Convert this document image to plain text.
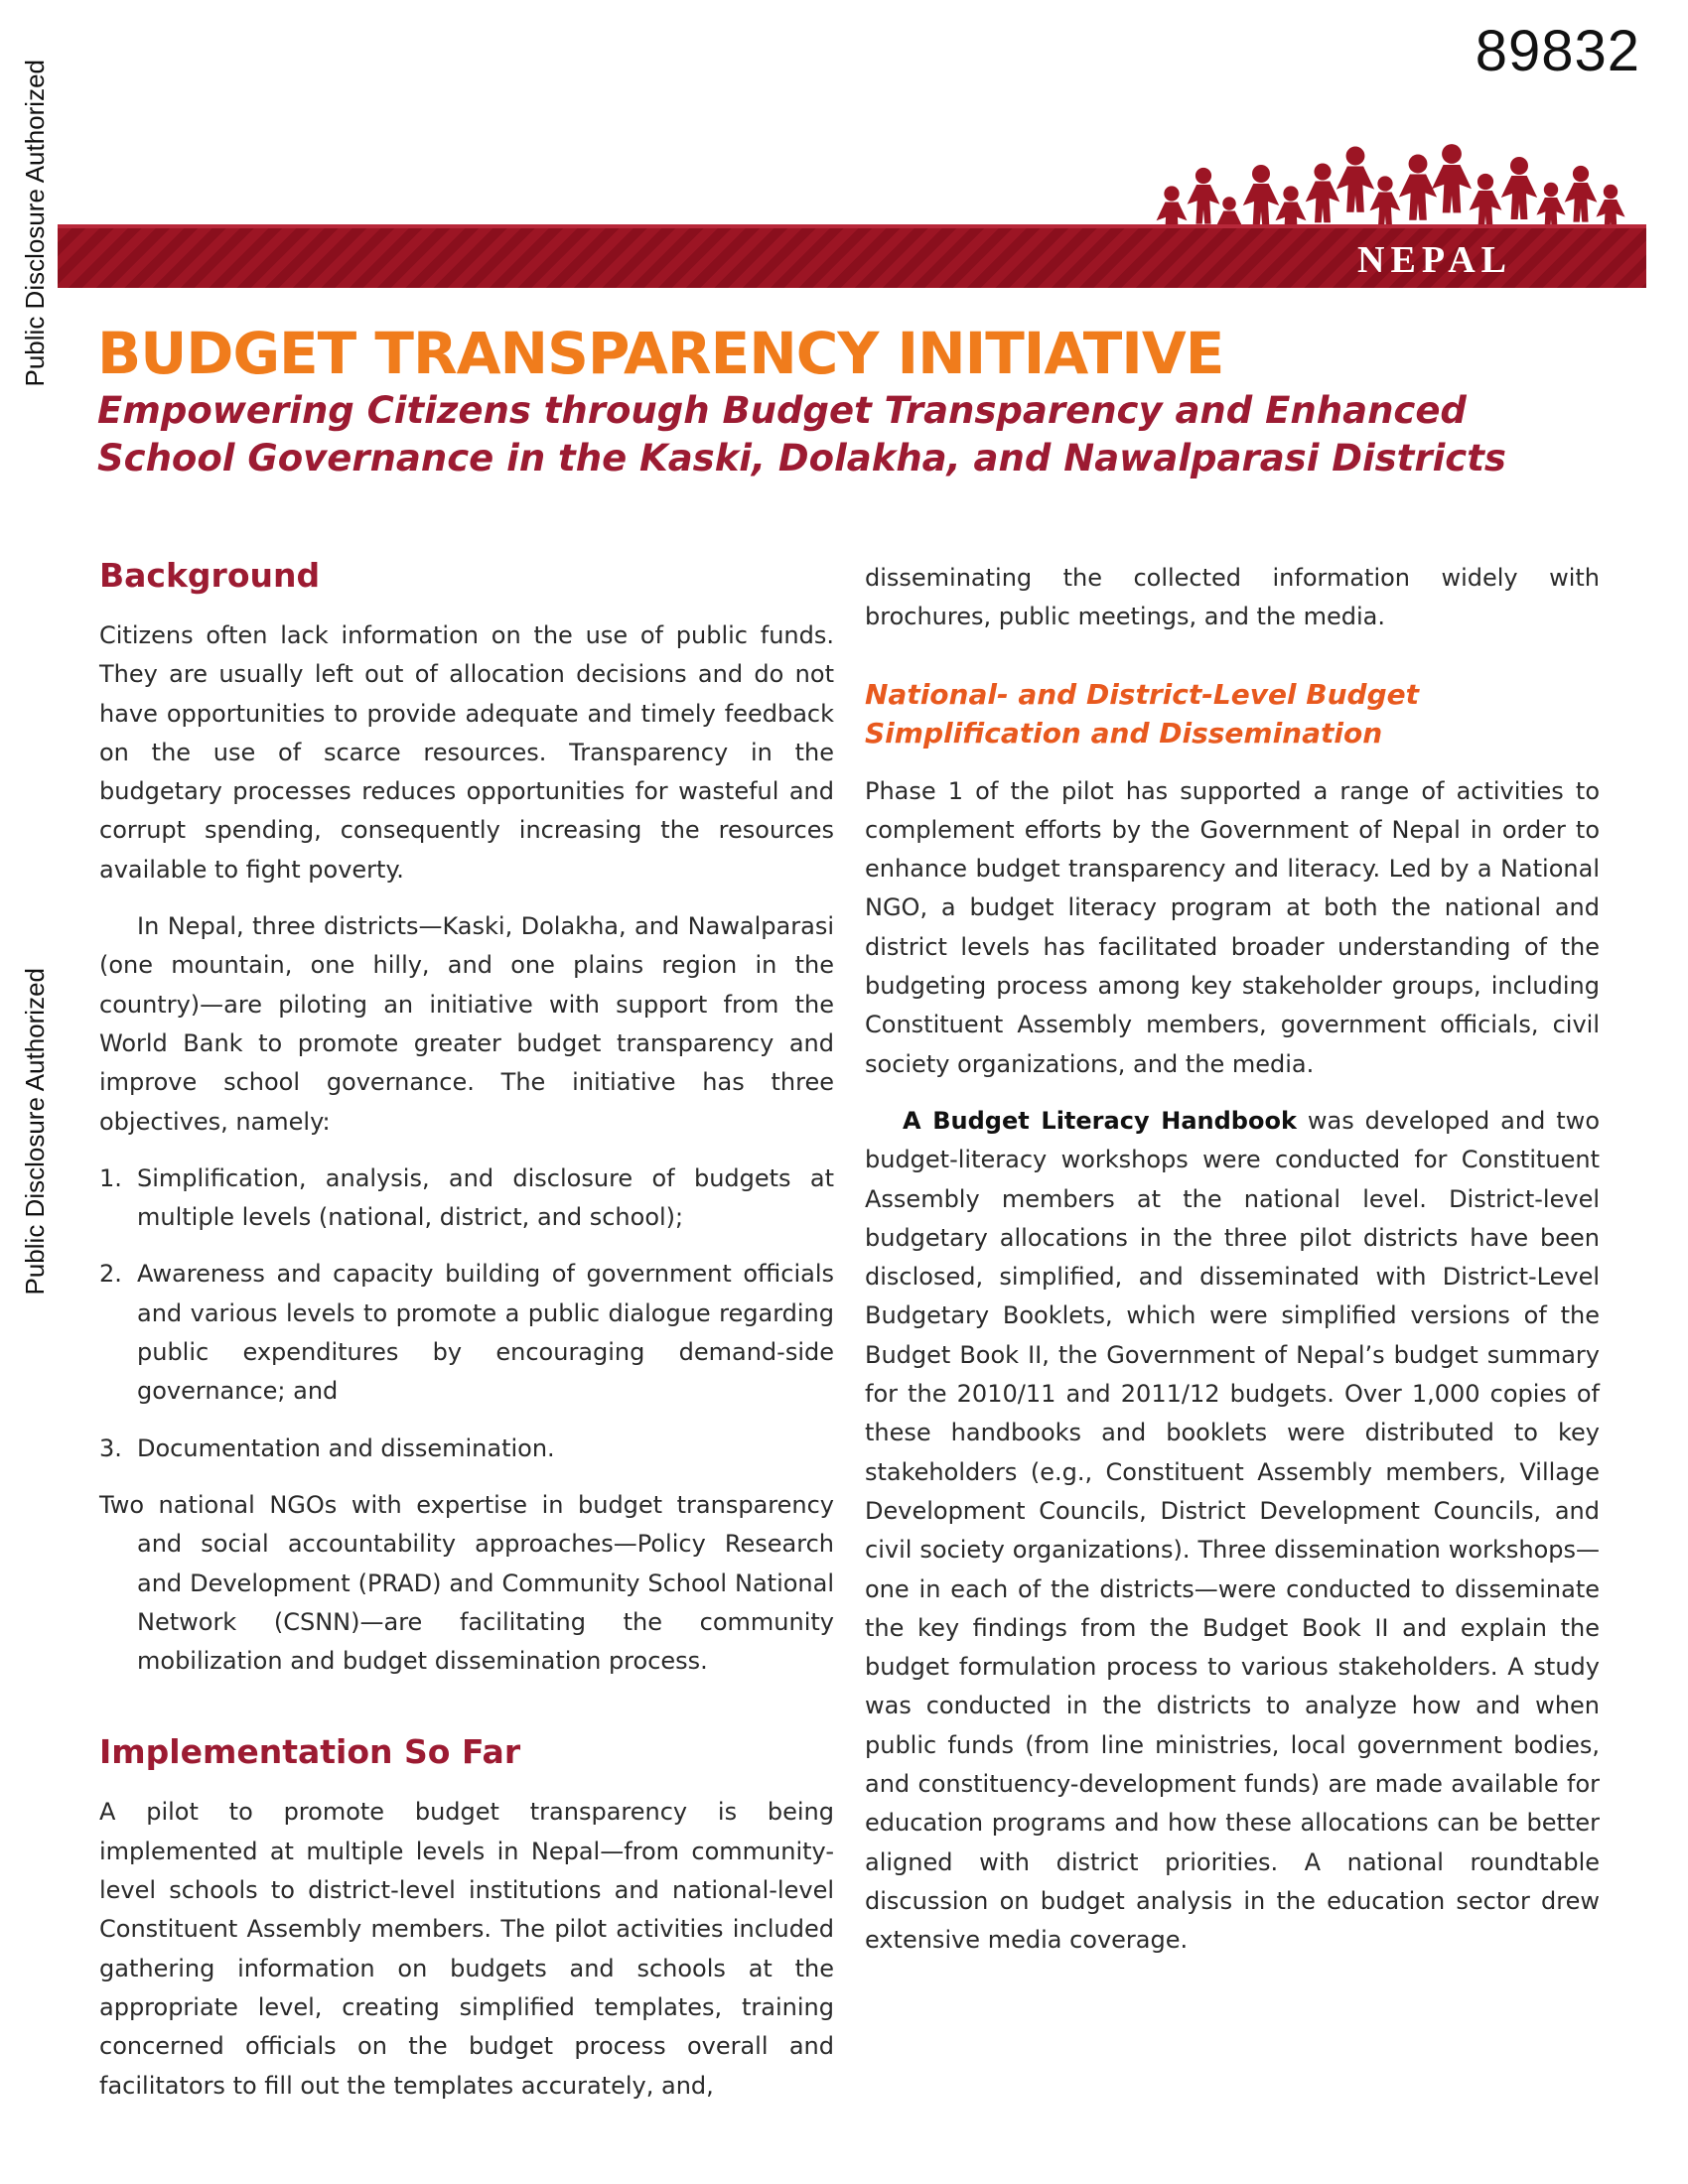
89832
Public Disclosure Authorized
Public Disclosure Authorized
NEPAL
BUDGET TRANSPARENCY INITIATIVE
Empowering Citizens through Budget Transparency and Enhanced School Governance in the Kaski, Dolakha, and Nawalparasi Districts
Background

Citizens often lack information on the use of public funds. They are usually left out of allocation decisions and do not have opportunities to provide adequate and timely feedback on the use of scarce resources. Transparency in the budgetary processes reduces opportunities for wasteful and corrupt spending, consequently increasing the resources available to fight poverty.

In Nepal, three districts—Kaski, Dolakha, and Nawalparasi (one mountain, one hilly, and one plains region in the country)—are piloting an initiative with support from the World Bank to promote greater budget transparency and improve school governance. The initiative has three objectives, namely:

1. Simplification, analysis, and disclosure of budgets at multiple levels (national, district, and school);
2. Awareness and capacity building of government officials and various levels to promote a public dialogue regarding public expenditures by encouraging demand-side governance; and
3. Documentation and dissemination.

Two national NGOs with expertise in budget transparency and social accountability approaches—Policy Research and Development (PRAD) and Community School National Network (CSNN)—are facilitating the community mobilization and budget dissemination process.

Implementation So Far

A pilot to promote budget transparency is being implemented at multiple levels in Nepal—from community-level schools to district-level institutions and national-level Constituent Assembly members. The pilot activities included gathering information on budgets and schools at the appropriate level, creating simplified templates, training concerned officials on the budget process overall and facilitators to fill out the templates accurately, and,

disseminating the collected information widely with brochures, public meetings, and the media.

National- and District-Level Budget Simplification and Dissemination

Phase 1 of the pilot has supported a range of activities to complement efforts by the Government of Nepal in order to enhance budget transparency and literacy. Led by a National NGO, a budget literacy program at both the national and district levels has facilitated broader understanding of the budgeting process among key stakeholder groups, including Constituent Assembly members, government officials, civil society organizations, and the media.

A Budget Literacy Handbook was developed and two budget-literacy workshops were conducted for Constituent Assembly members at the national level. District-level budgetary allocations in the three pilot districts have been disclosed, simplified, and disseminated with District-Level Budgetary Booklets, which were simplified versions of the Budget Book II, the Government of Nepal’s budget summary for the 2010/11 and 2011/12 budgets. Over 1,000 copies of these handbooks and booklets were distributed to key stakeholders (e.g., Constituent Assembly members, Village Development Councils, District Development Councils, and civil society organizations). Three dissemination workshops—one in each of the districts—were conducted to disseminate the key findings from the Budget Book II and explain the budget formulation process to various stakeholders. A study was conducted in the districts to analyze how and when public funds (from line ministries, local government bodies, and constituency-development funds) are made available for education programs and how these allocations can be better aligned with district priorities. A national roundtable discussion on budget analysis in the education sector drew extensive media coverage.
